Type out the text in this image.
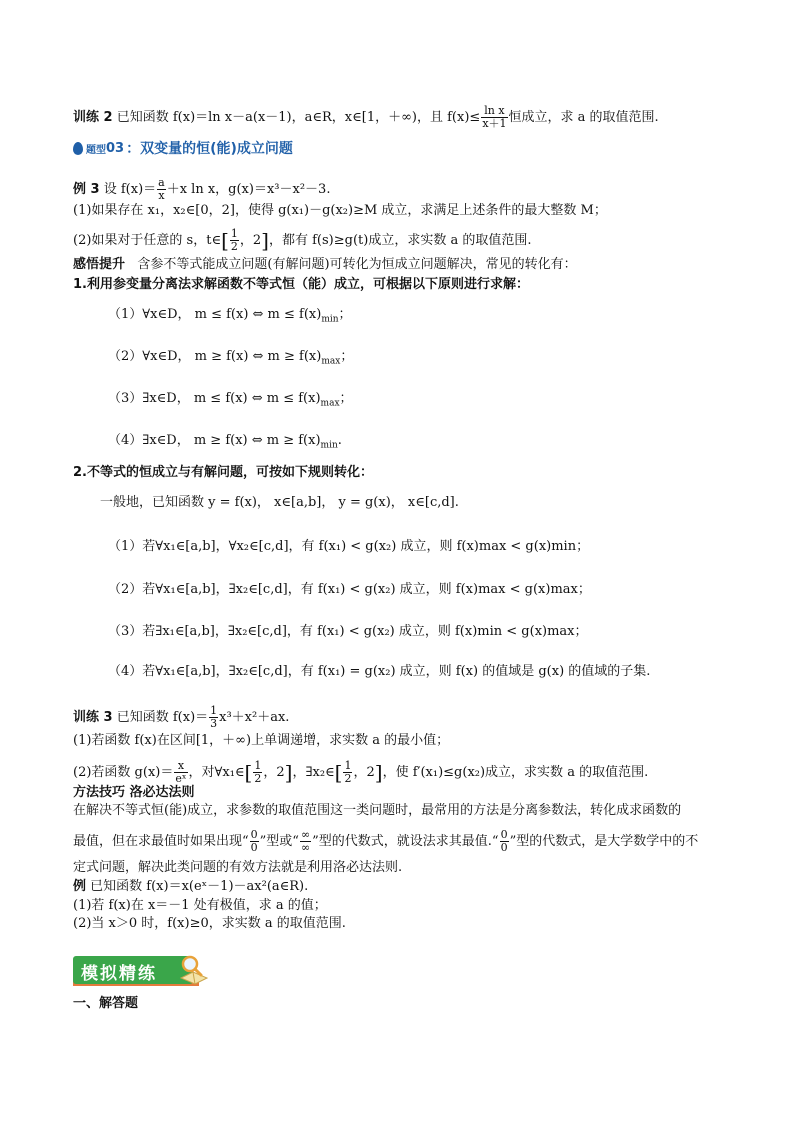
训练 2 已知函数 f(x)＝ln x－a(x－1)，a∈R，x∈[1，＋∞)，且 $f(x)\le \frac{\text{ln x}}{x+1}$ 恒成立，求 a 的取值范围.
题型 03 ：双变量的恒(能)成立问题
例 3 设 $f(x)= \frac{a}{x} +x$ ln x，g(x)＝x³－x²－3.
(1)如果存在 x₁，x₂∈[0，2]，使得 g(x₁)－g(x₂)≥M 成立，求满足上述条件的最大整数 M；
(2)如果对于任意的 s，t∈[ $\frac{1}{2}$ ，2]，都有 f(s)≥g(t)成立，求实数 a 的取值范围.
感悟提升 含参不等式能成立问题(有解问题)可转化为恒成立问题解决，常见的转化有：
1.利用参变量分离法求解函数不等式恒（能）成立，可根据以下原则进行求解：
（1）∀x∈D， m ≤ f(x) ⇔ $m \le f(x)_{min}$；
（2）∀x∈D， m ≥ f(x) ⇔ $m \ge f(x)_{max}$；
（3）∃x∈D， m ≤ f(x) ⇔ $m \le f(x)_{max}$；
（4）∃x∈D， m ≥ f(x) ⇔ $m \ge f(x)_{min}$.
2.不等式的恒成立与有解问题，可按如下规则转化：
一般地，已知函数 y = f(x)， x∈[a,b]， y = g(x)， x∈[c,d].
（1）若∀x₁∈[a,b]，∀x₂∈[c,d]，有 f(x₁) < g(x₂) 成立，则 f(x)max < g(x)min；
（2）若∀x₁∈[a,b]，∃x₂∈[c,d]，有 f(x₁) < g(x₂) 成立，则 f(x)max < g(x)max；
（3）若∃x₁∈[a,b]，∃x₂∈[c,d]，有 f(x₁) < g(x₂) 成立，则 f(x)min < g(x)max；
（4）若∀x₁∈[a,b]，∃x₂∈[c,d]，有 f(x₁) = g(x₂) 成立，则 f(x) 的值域是 g(x) 的值域的子集.
训练 3 已知函数 $f(x)= \frac{1}{3} x^3+x^2+ax$.
(1)若函数 f(x)在区间[1，＋∞)上单调递增，求实数 a 的最小值；
(2)若函数 $g(x)= \frac{x}{\text{eˣ}}$ ，对∀x₁∈[ $\frac{1}{2}$ ，2]，∃x₂∈[ $\frac{1}{2}$ ，2]，使 f′(x₁)≤g(x₂)成立，求实数 a 的取值范围.
方法技巧 洛必达法则
在解决不等式恒(能)成立，求参数的取值范围这一类问题时，最常用的方法是分离参数法，转化成求函数的
最值，但在求最值时如果出现“ $\frac{0}{0}$ ”型或“ $\frac{\infty}{\infty}$ ”型的代数式，就设法求其最值.“ $\frac{0}{0}$ ”型的代数式，是大学数学中的不
定式问题，解决此类问题的有效方法就是利用洛必达法则.
例 已知函数 f(x)＝x(eˣ－1)－ax²(a∈R).
(1)若 f(x)在 x＝－1 处有极值，求 a 的值；
(2)当 x＞0 时，f(x)≥0，求实数 a 的取值范围.
模拟精练
一、解答题
